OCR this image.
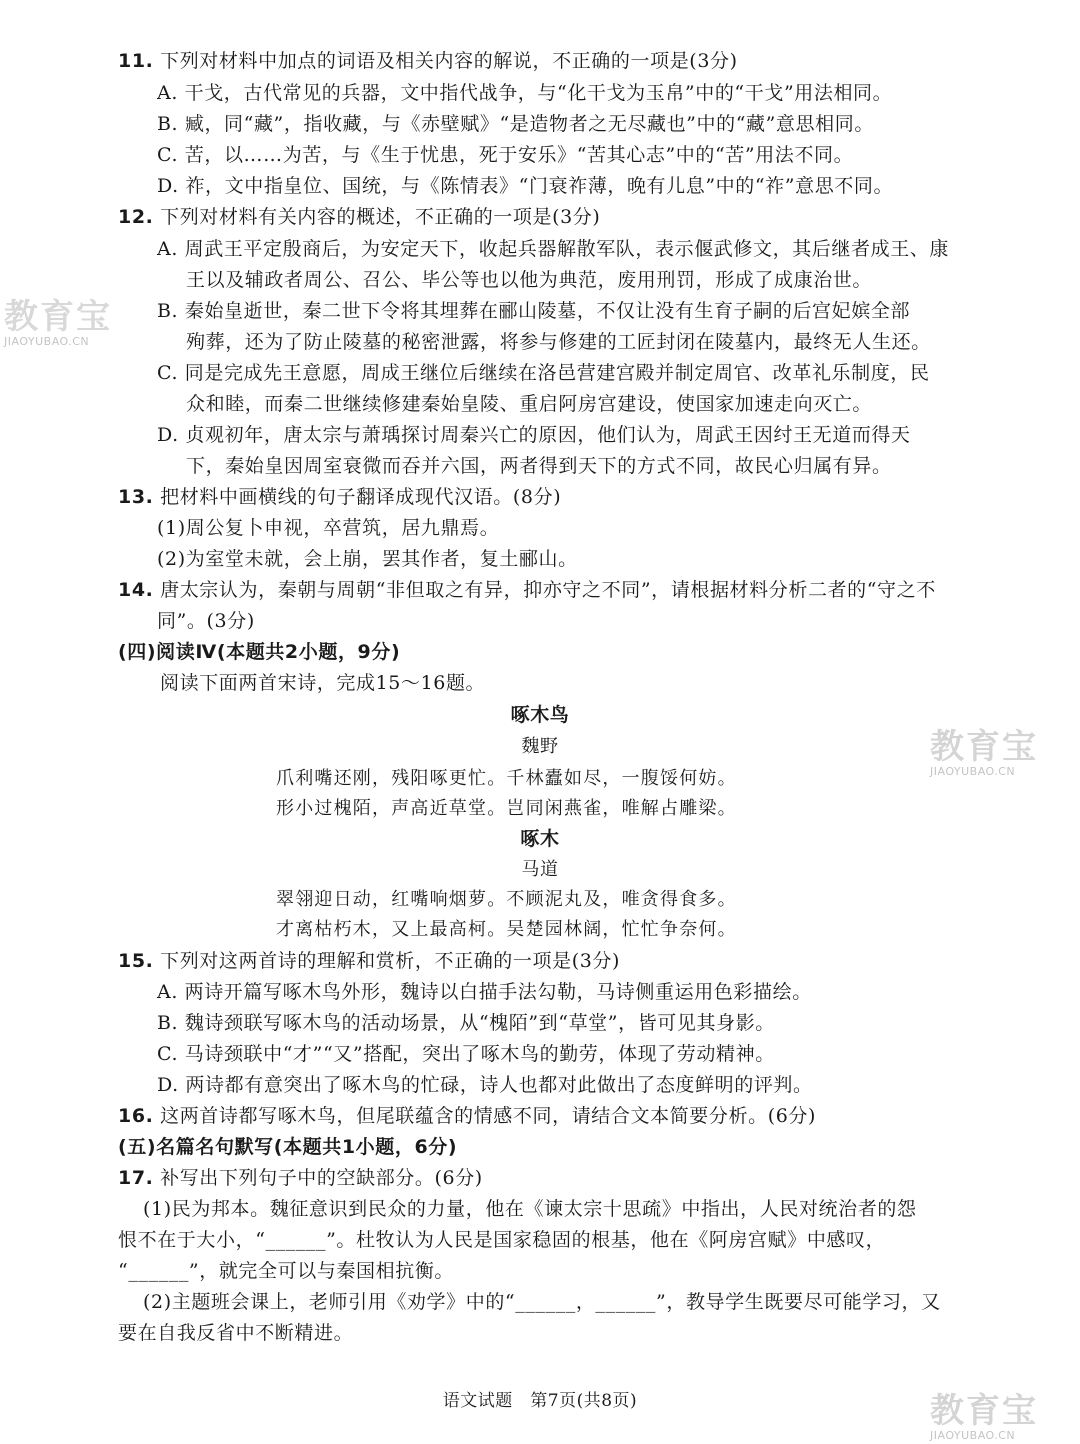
11. 下列对材料中加点的词语及相关内容的解说，不正确的一项是(3分)
A. 干戈，古代常见的兵器，文中指代战争，与“化干戈为玉帛”中的“干戈”用法相同。
B. 臧，同“藏”，指收藏，与《赤壁赋》“是造物者之无尽藏也”中的“藏”意思相同。
C. 苦，以……为苦，与《生于忧患，死于安乐》“苦其心志”中的“苦”用法不同。
D. 祚，文中指皇位、国统，与《陈情表》“门衰祚薄，晚有儿息”中的“祚”意思不同。
12. 下列对材料有关内容的概述，不正确的一项是(3分)
A. 周武王平定殷商后，为安定天下，收起兵器解散军队，表示偃武修文，其后继者成王、康
王以及辅政者周公、召公、毕公等也以他为典范，废用刑罚，形成了成康治世。
B. 秦始皇逝世，秦二世下令将其埋葬在郦山陵墓，不仅让没有生育子嗣的后宫妃嫔全部
殉葬，还为了防止陵墓的秘密泄露，将参与修建的工匠封闭在陵墓内，最终无人生还。
C. 同是完成先王意愿，周成王继位后继续在洛邑营建宫殿并制定周官、改革礼乐制度，民
众和睦，而秦二世继续修建秦始皇陵、重启阿房宫建设，使国家加速走向灭亡。
D. 贞观初年，唐太宗与萧瑀探讨周秦兴亡的原因，他们认为，周武王因纣王无道而得天
下，秦始皇因周室衰微而吞并六国，两者得到天下的方式不同，故民心归属有异。
13. 把材料中画横线的句子翻译成现代汉语。(8分)
(1)周公复卜申视，卒营筑，居九鼎焉。
(2)为室堂未就，会上崩，罢其作者，复土郦山。
14. 唐太宗认为，秦朝与周朝“非但取之有异，抑亦守之不同”，请根据材料分析二者的“守之不
同”。(3分)
(四)阅读Ⅳ(本题共2小题，9分)
阅读下面两首宋诗，完成15～16题。
啄木鸟
魏野
爪利嘴还刚，残阳啄更忙。千林蠹如尽，一腹馁何妨。
形小过槐陌，声高近草堂。岂同闲燕雀，唯解占雕梁。
啄木
马道
翠翎迎日动，红嘴响烟萝。不顾泥丸及，唯贪得食多。
才离枯朽木，又上最高柯。吴楚园林阔，忙忙争奈何。
15. 下列对这两首诗的理解和赏析，不正确的一项是(3分)
A. 两诗开篇写啄木鸟外形，魏诗以白描手法勾勒，马诗侧重运用色彩描绘。
B. 魏诗颈联写啄木鸟的活动场景，从“槐陌”到“草堂”，皆可见其身影。
C. 马诗颈联中“才”“又”搭配，突出了啄木鸟的勤劳，体现了劳动精神。
D. 两诗都有意突出了啄木鸟的忙碌，诗人也都对此做出了态度鲜明的评判。
16. 这两首诗都写啄木鸟，但尾联蕴含的情感不同，请结合文本简要分析。(6分)
(五)名篇名句默写(本题共1小题，6分)
17. 补写出下列句子中的空缺部分。(6分)
(1)民为邦本。魏征意识到民众的力量，他在《谏太宗十思疏》中指出，人民对统治者的怨
恨不在于大小，“______”。杜牧认为人民是国家稳固的根基，他在《阿房宫赋》中感叹，
“______”，就完全可以与秦国相抗衡。
(2)主题班会课上，老师引用《劝学》中的“______，______”，教导学生既要尽可能学习，又
要在自我反省中不断精进。
语文试题　第7页(共8页)
教育宝
JIAOYUBAO.CN
教育宝
JIAOYUBAO.CN
教育宝
JIAOYUBAO.CN
